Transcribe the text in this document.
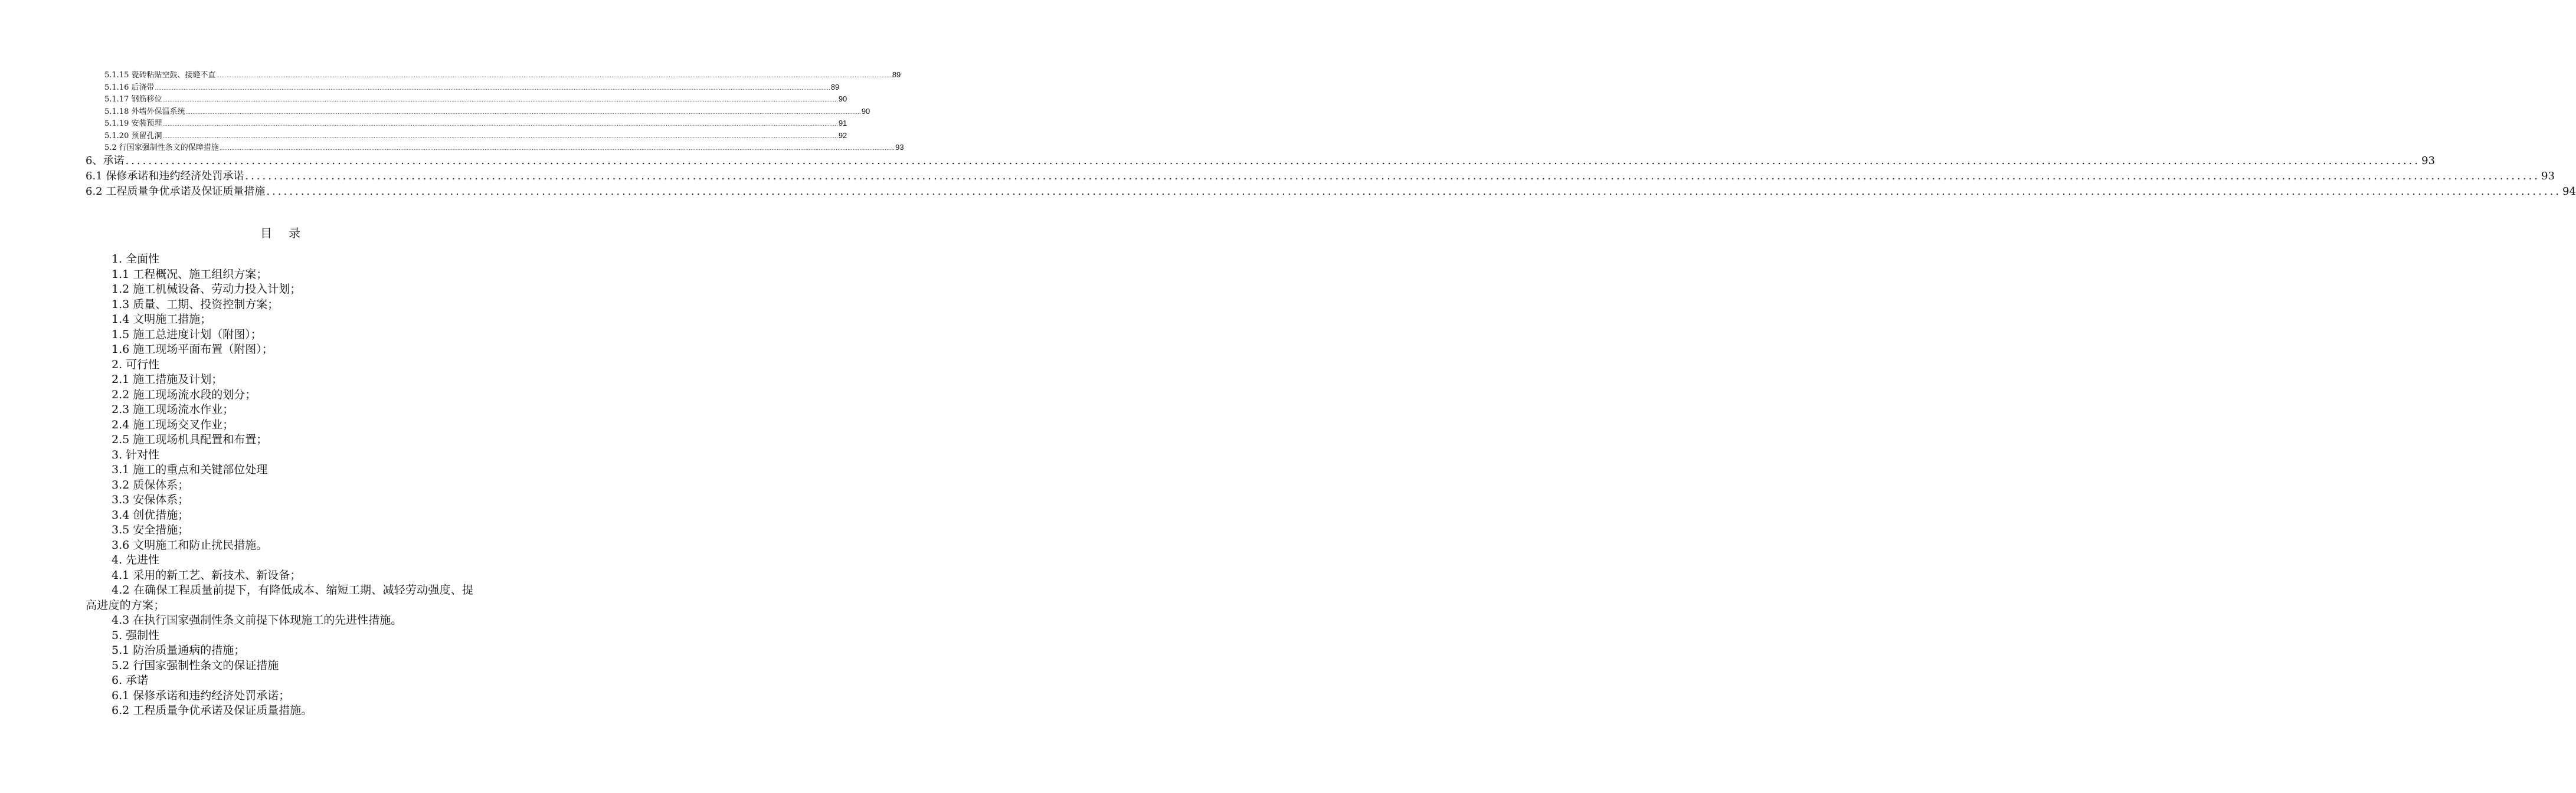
5.1.15 瓷砖粘贴空鼓、接缝不直 ................................................................................................................................................................................................................................................................................................................................................................................................................ 89
5.1.16 后浇带 ................................................................................................................................................................................................................................................................................................................................................................................................................ 89
5.1.17 钢筋移位 ................................................................................................................................................................................................................................................................................................................................................................................................................ 90
5.1.18 外墙外保温系统 ................................................................................................................................................................................................................................................................................................................................................................................................................ 90
5.1.19 安装预埋 ................................................................................................................................................................................................................................................................................................................................................................................................................ 91
5.1.20 预留孔洞 ................................................................................................................................................................................................................................................................................................................................................................................................................ 92
5.2 行国家强制性条文的保障措施 ................................................................................................................................................................................................................................................................................................................................................................................................................ 93
6、承诺 ................................................................................................................................................................................................................................................................................................................................................................................................................ 93
6.1 保修承诺和违约经济处罚承诺 ................................................................................................................................................................................................................................................................................................................................................................................................................ 93
6.2 工程质量争优承诺及保证质量措施 ................................................................................................................................................................................................................................................................................................................................................................................................................ 94
目录
1. 全面性
1.1 工程概况、施工组织方案；
1.2 施工机械设备、劳动力投入计划；
1.3 质量、工期、投资控制方案；
1.4 文明施工措施；
1.5 施工总进度计划（附图）；
1.6 施工现场平面布置（附图）；
2. 可行性
2.1 施工措施及计划；
2.2 施工现场流水段的划分；
2.3 施工现场流水作业；
2.4 施工现场交叉作业；
2.5 施工现场机具配置和布置；
3. 针对性
3.1 施工的重点和关键部位处理
3.2 质保体系；
3.3 安保体系；
3.4 创优措施；
3.5 安全措施；
3.6 文明施工和防止扰民措施。
4. 先进性
4.1 采用的新工艺、新技术、新设备；
4.2 在确保工程质量前提下，有降低成本、缩短工期、减轻劳动强度、提高进度的方案；
4.3 在执行国家强制性条文前提下体现施工的先进性措施。
5. 强制性
5.1 防治质量通病的措施；
5.2 行国家强制性条文的保证措施
6. 承诺
6.1 保修承诺和违约经济处罚承诺；
6.2 工程质量争优承诺及保证质量措施。
